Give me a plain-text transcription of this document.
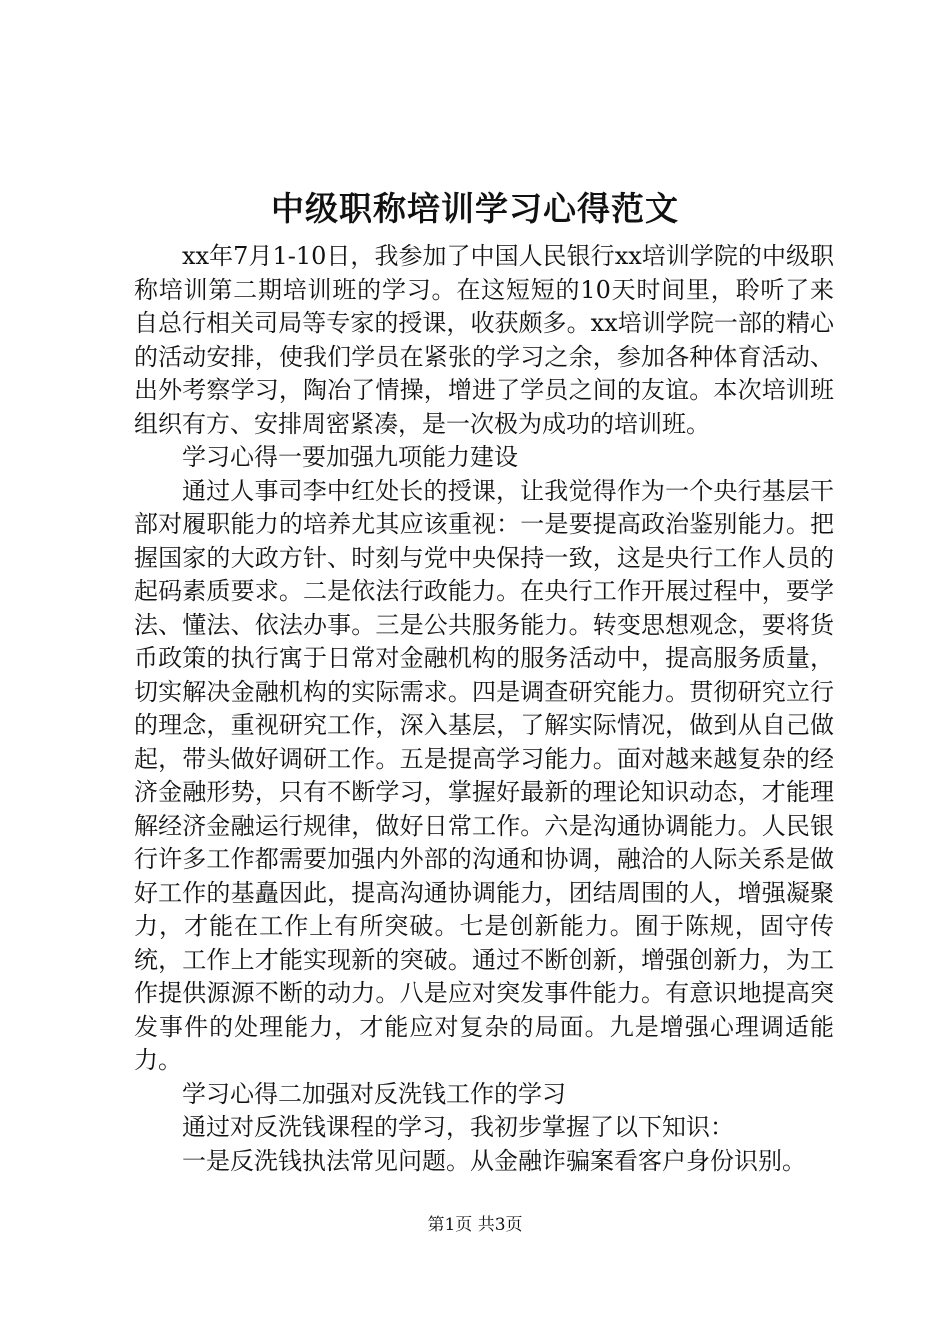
中级职称培训学习心得范文

xx年7月1-10日，我参加了中国人民银行xx培训学院的中级职称培训第二期培训班的学习。在这短短的10天时间里，聆听了来自总行相关司局等专家的授课，收获颇多。xx培训学院一部的精心的活动安排，使我们学员在紧张的学习之余，参加各种体育活动、出外考察学习，陶冶了情操，增进了学员之间的友谊。本次培训班组织有方、安排周密紧凑，是一次极为成功的培训班。

学习心得一要加强九项能力建设

通过人事司李中红处长的授课，让我觉得作为一个央行基层干部对履职能力的培养尤其应该重视：一是要提高政治鉴别能力。把握国家的大政方针、时刻与党中央保持一致，这是央行工作人员的起码素质要求。二是依法行政能力。在央行工作开展过程中，要学法、懂法、依法办事。三是公共服务能力。转变思想观念，要将货币政策的执行寓于日常对金融机构的服务活动中，提高服务质量，切实解决金融机构的实际需求。四是调查研究能力。贯彻研究立行的理念，重视研究工作，深入基层，了解实际情况，做到从自己做起，带头做好调研工作。五是提高学习能力。面对越来越复杂的经济金融形势，只有不断学习，掌握好最新的理论知识动态，才能理解经济金融运行规律，做好日常工作。六是沟通协调能力。人民银行许多工作都需要加强内外部的沟通和协调，融洽的人际关系是做好工作的基矗因此，提高沟通协调能力，团结周围的人，增强凝聚力，才能在工作上有所突破。七是创新能力。囿于陈规，固守传统，工作上才能实现新的突破。通过不断创新，增强创新力，为工作提供源源不断的动力。八是应对突发事件能力。有意识地提高突发事件的处理能力，才能应对复杂的局面。九是增强心理调适能力。

学习心得二加强对反洗钱工作的学习

通过对反洗钱课程的学习，我初步掌握了以下知识：

一是反洗钱执法常见问题。从金融诈骗案看客户身份识别。

第1页 共3页
